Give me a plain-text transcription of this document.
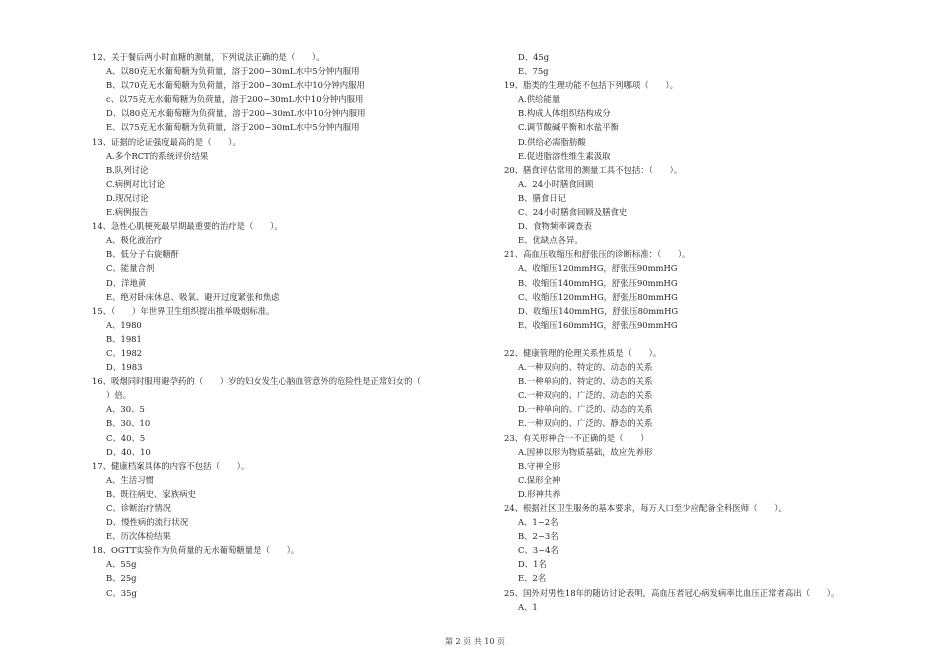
12、关于餐后两小时血糖的测量，下列说法正确的是（　　）。
A、以80克无水葡萄糖为负荷量，溶于200~30mL水中5分钟内服用
B、以70克无水葡萄糖为负荷量，溶于200~30mL水中10分钟内服用
c、以75克无水葡萄糖为负荷量，溶于200~30mL水中10分钟内服用
D、以80克无水葡萄糖为负荷量，溶于200~30mL水中10分钟内服用
E、以75克无水葡萄糖为负荷量，溶于200~30mL水中5分钟内服用
13、证据的论证强度最高的是（　　）。
A.多个RCT的系统评价结果
B.队列讨论
C.病例对比讨论
D.现况讨论
E.病例报告
14、急性心肌梗死最早期最重要的治疗是（　　）。
A、极化液治疗
B、低分子右旋糖酐
C、能量合剂
D、洋地黄
E、绝对卧床休息、吸氧、避开过度紧张和焦虑
15、（　　）年世界卫生组织提出推举吸烟标准。
A、1980
B、1981
C、1982
D、1983
16、吸烟同时服用避孕药的（　　）岁的妇女发生心脑血管意外的危险性是正常妇女的（
）倍。
A、30、5
B、30、10
C、40、5
D、40、10
17、健康档案具体的内容不包括（　　）。
A、生活习惯
B、既往病史、家族病史
C、诊断治疗情况
D、慢性病的流行状况
E、历次体检结果
18、OGTT实验作为负荷量的无水葡萄糖量是（　　）。
A、55g
B、25g
C、35g
D、45g
E、75g
19、脂类的生理功能不包括下列哪项（　　）。
A.供给能量
B.构成人体组织结构成分
C.调节酸碱平衡和水盐平衡
D.供给必需脂肪酸
E.促进脂溶性维生素汲取
20、膳食评估常用的测量工具不包括：（　　）。
A、24小时膳食回顾
B、膳食日记
C、24小时膳食回顾及膳食史
D、食物频率调查表
E、优缺点各异。
21、高血压收缩压和舒张压的诊断标准：（　　）。
A、收缩压120mmHG，舒张压90mmHG
B、收缩压140mmHG，舒张压90mmHG
C、收缩压120mmHG，舒张压80mmHG
D、收缩压140mmHG，舒张压80mmHG
E、收缩压160mmHG，舒张压90mmHG
22、健康管理的伦理关系性质是（　　）。
A.一种双向的、特定的、动态的关系
B.一种单向的、特定的、动态的关系
C.一种双向的、广泛的、动态的关系
D.一种单向的、广泛的、动态的关系
E.一种双向的、广泛的、静态的关系
23、有关形神合一不正确的是（　　）
A.因神以形为物质基础，故应先养形
B.守神全形
C.保形全神
D.形神共养
24、根据社区卫生服务的基本要求，每万人口至少应配备全科医师（　　）。
A、1~2名
B、2~3名
C、3~4名
D、1名
E、2名
25、国外对男性18年的随访讨论表明，高血压者冠心病发病率比血压正常者高出（　　）。
A、1
第 2 页 共 10 页
